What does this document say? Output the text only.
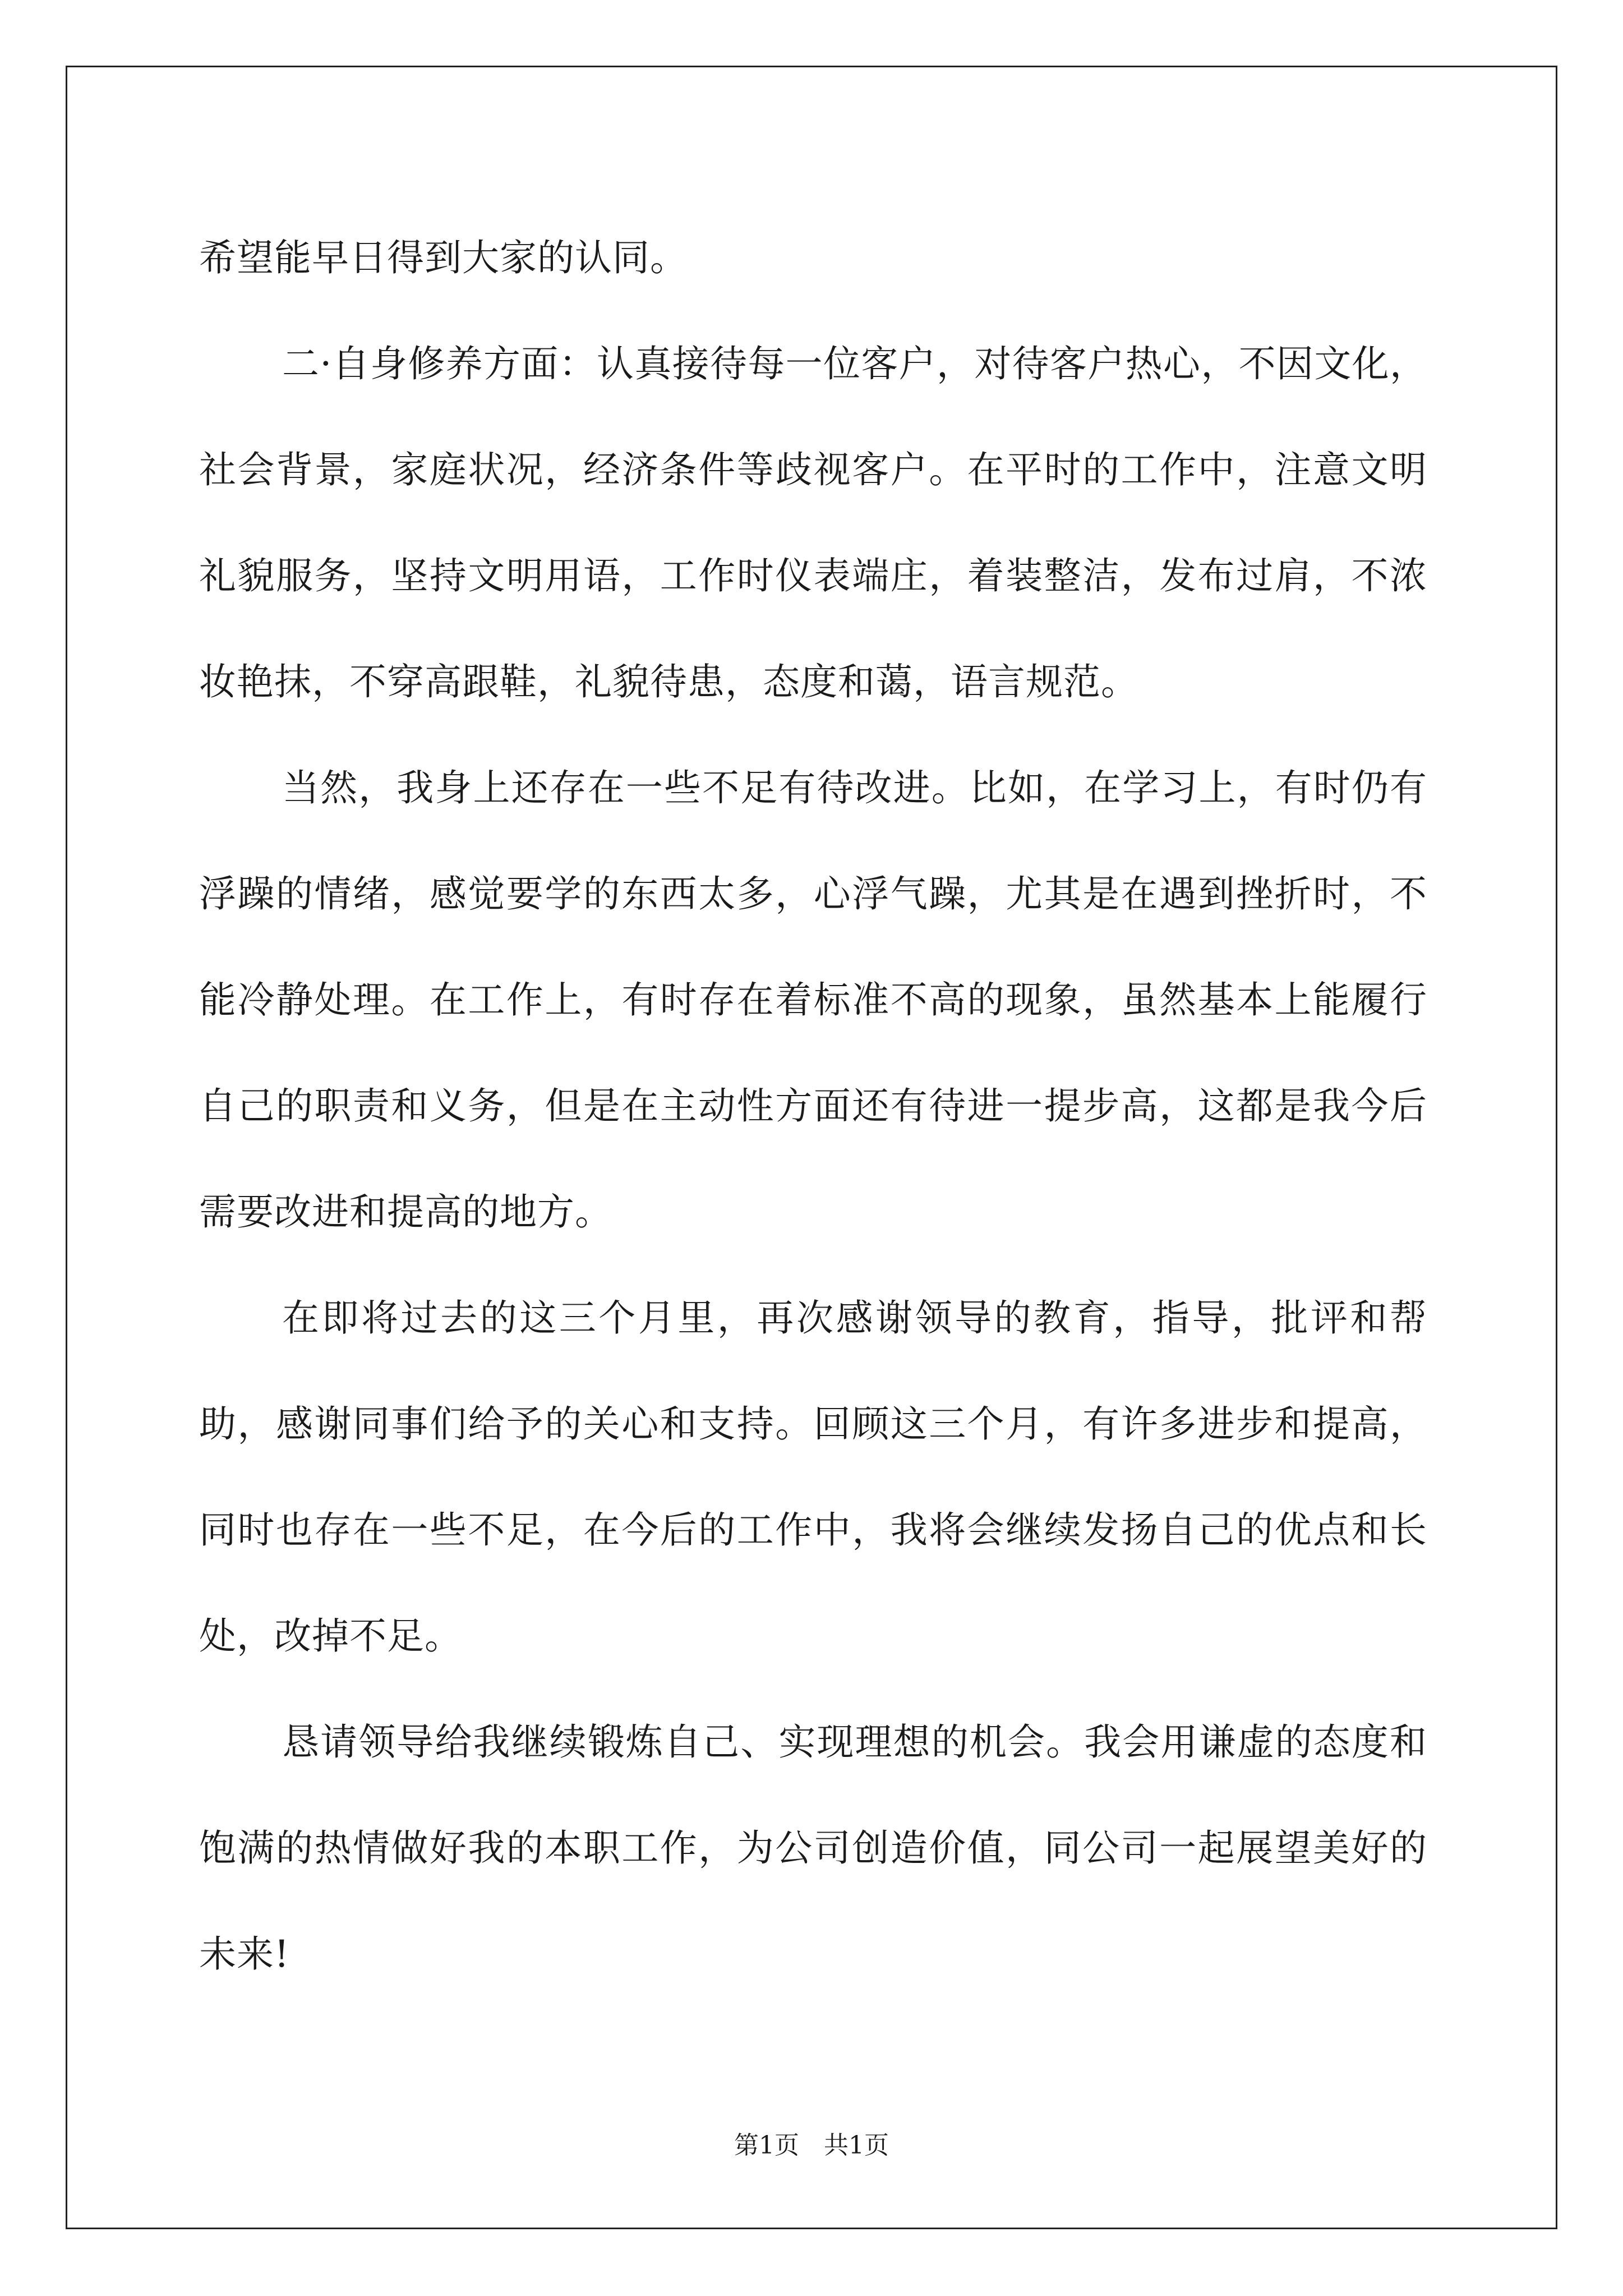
希望能早日得到大家的认同。

二·自身修养方面：认真接待每一位客户，对待客户热心，不因文化，社会背景，家庭状况，经济条件等歧视客户。在平时的工作中，注意文明礼貌服务，坚持文明用语，工作时仪表端庄，着装整洁，发布过肩，不浓妆艳抹，不穿高跟鞋，礼貌待患，态度和蔼，语言规范。

当然，我身上还存在一些不足有待改进。比如，在学习上，有时仍有浮躁的情绪，感觉要学的东西太多，心浮气躁，尤其是在遇到挫折时，不能冷静处理。在工作上，有时存在着标准不高的现象，虽然基本上能履行自己的职责和义务，但是在主动性方面还有待进一提步高，这都是我今后需要改进和提高的地方。

在即将过去的这三个月里，再次感谢领导的教育，指导，批评和帮助，感谢同事们给予的关心和支持。回顾这三个月，有许多进步和提高，同时也存在一些不足，在今后的工作中，我将会继续发扬自己的优点和长处，改掉不足。

恳请领导给我继续锻炼自己、实现理想的机会。我会用谦虚的态度和饱满的热情做好我的本职工作，为公司创造价值，同公司一起展望美好的未来!

第1页　共1页
